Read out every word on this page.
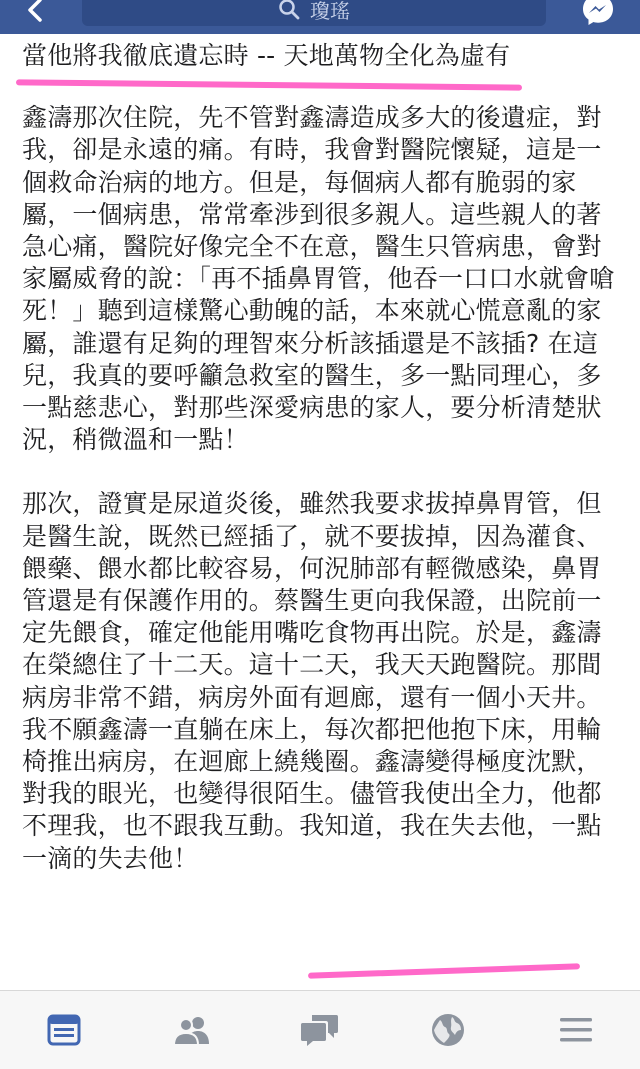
瓊瑤
當他將我徹底遺忘時 -- 天地萬物全化為虛有
鑫濤那次住院，先不管對鑫濤造成多大的後遺症，對我，卻是永遠的痛。有時，我會對醫院懷疑，這是一個救命治病的地方。但是，每個病人都有脆弱的家屬，一個病患，常常牽涉到很多親人。這些親人的著急心痛，醫院好像完全不在意，醫生只管病患，會對家屬威脅的說：「再不插鼻胃管，他吞一口口水就會嗆死！」聽到這樣驚心動魄的話，本來就心慌意亂的家屬，誰還有足夠的理智來分析該插還是不該插? 在這兒，我真的要呼籲急救室的醫生，多一點同理心，多一點慈悲心，對那些深愛病患的家人，要分析清楚狀況，稍微溫和一點！
那次，證實是尿道炎後，雖然我要求拔掉鼻胃管，但是醫生說，既然已經插了，就不要拔掉，因為灌食、餵藥、餵水都比較容易，何況肺部有輕微感染，鼻胃管還是有保護作用的。蔡醫生更向我保證，出院前一定先餵食，確定他能用嘴吃食物再出院。於是，鑫濤在榮總住了十二天。這十二天，我天天跑醫院。那間病房非常不錯，病房外面有迴廊，還有一個小天井。我不願鑫濤一直躺在床上，每次都把他抱下床，用輪椅推出病房，在迴廊上繞幾圈。鑫濤變得極度沈默，對我的眼光，也變得很陌生。儘管我使出全力，他都不理我，也不跟我互動。我知道，我在失去他，一點一滴的失去他！
